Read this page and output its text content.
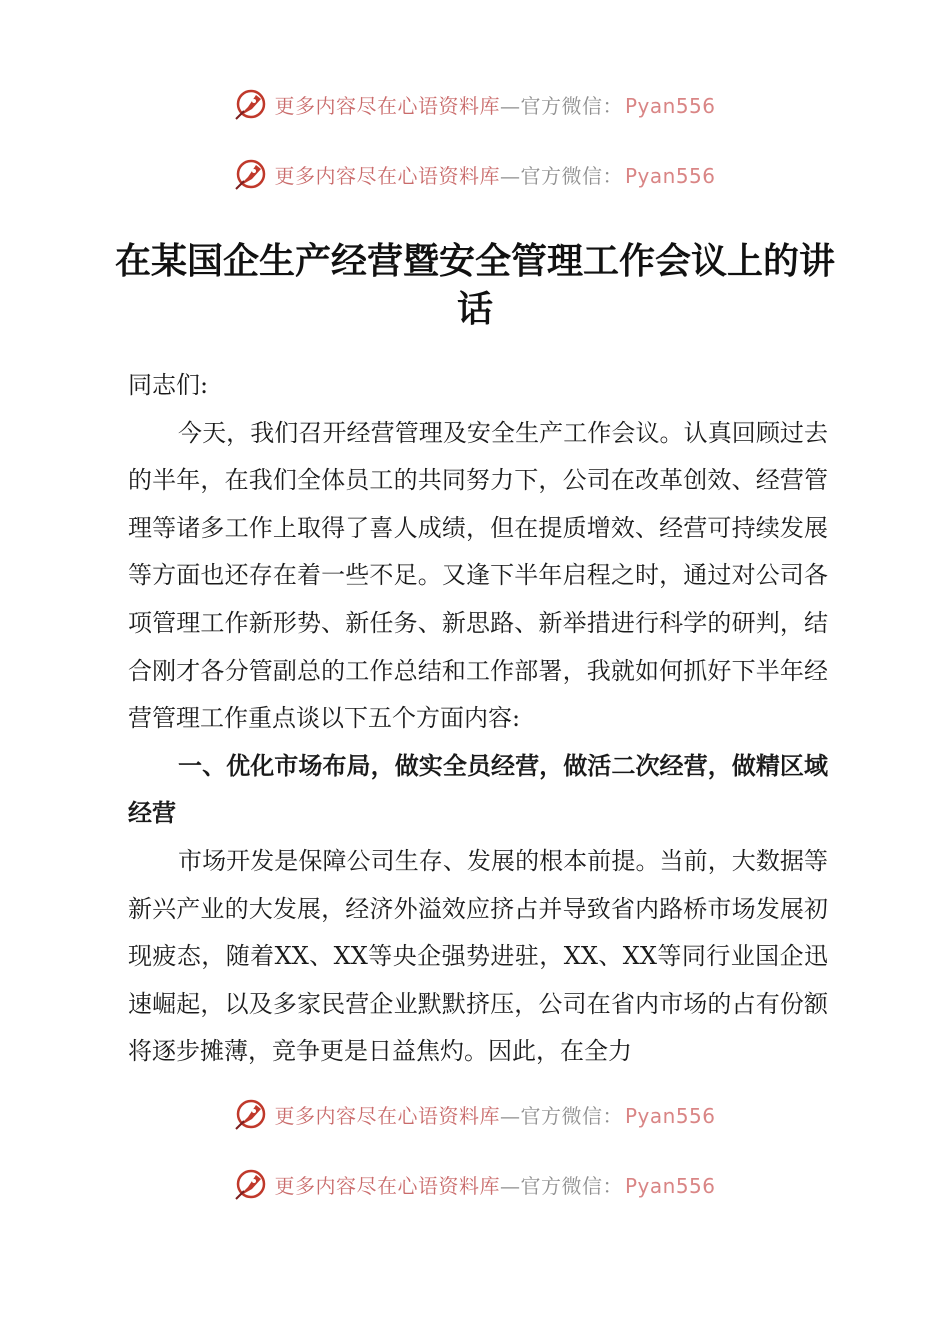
更多内容尽在心语资料库—官方微信： Pyan556
更多内容尽在心语资料库—官方微信： Pyan556
在某国企生产经营暨安全管理工作会议上的讲话

同志们:

今天，我们召开经营管理及安全生产工作会议。认真回顾过去的半年，在我们全体员工的共同努力下，公司在改革创效、经营管理等诸多工作上取得了喜人成绩，但在提质增效、经营可持续发展等方面也还存在着一些不足。又逢下半年启程之时，通过对公司各项管理工作新形势、新任务、新思路、新举措进行科学的研判，结合刚才各分管副总的工作总结和工作部署，我就如何抓好下半年经营管理工作重点谈以下五个方面内容:

一、优化市场布局，做实全员经营，做活二次经营，做精区域经营

市场开发是保障公司生存、发展的根本前提。当前，大数据等新兴产业的大发展，经济外溢效应挤占并导致省内路桥市场发展初现疲态，随着XX、XX等央企强势进驻，XX、XX等同行业国企迅速崛起，以及多家民营企业默默挤压，公司在省内市场的占有份额将逐步摊薄，竞争更是日益焦灼。因此，在全力

更多内容尽在心语资料库—官方微信： Pyan556
更多内容尽在心语资料库—官方微信： Pyan556
